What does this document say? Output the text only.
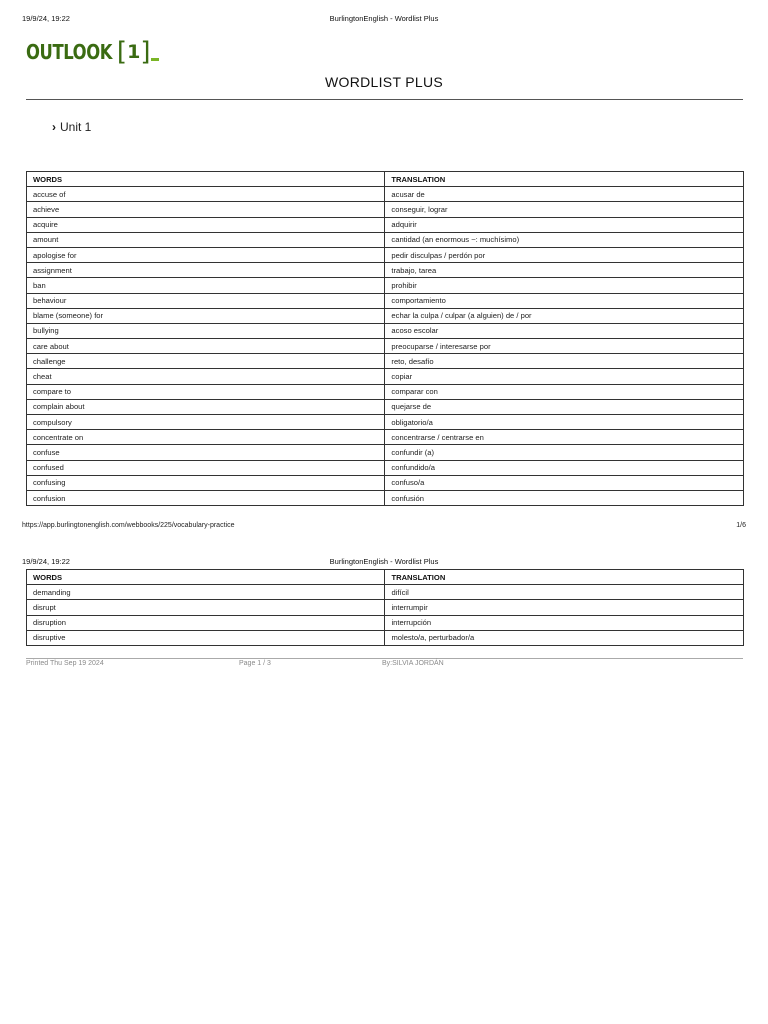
19/9/24, 19:22	BurlingtonEnglish - Wordlist Plus
OUTLOOK [ 1 ]
WORDLIST PLUS
› Unit 1
WORDS	TRANSLATION
accuse of	acusar de
achieve	conseguir, lograr
acquire	adquirir
amount	cantidad (an enormous ~: muchísimo)
apologise for	pedir disculpas / perdón por
assignment	trabajo, tarea
ban	prohibir
behaviour	comportamiento
blame (someone) for	echar la culpa / culpar (a alguien) de / por
bullying	acoso escolar
care about	preocuparse / interesarse por
challenge	reto, desafío
cheat	copiar
compare to	comparar con
complain about	quejarse de
compulsory	obligatorio/a
concentrate on	concentrarse / centrarse en
confuse	confundir (a)
confused	confundido/a
confusing	confuso/a
confusion	confusión
https://app.burlingtonenglish.com/webbooks/225/vocabulary-practice	1/6
19/9/24, 19:22	BurlingtonEnglish - Wordlist Plus
WORDS	TRANSLATION
demanding	difícil
disrupt	interrumpir
disruption	interrupción
disruptive	molesto/a, perturbador/a
Printed Thu Sep 19 2024	Page 1 / 3	By:SILVIA JORDÁN
